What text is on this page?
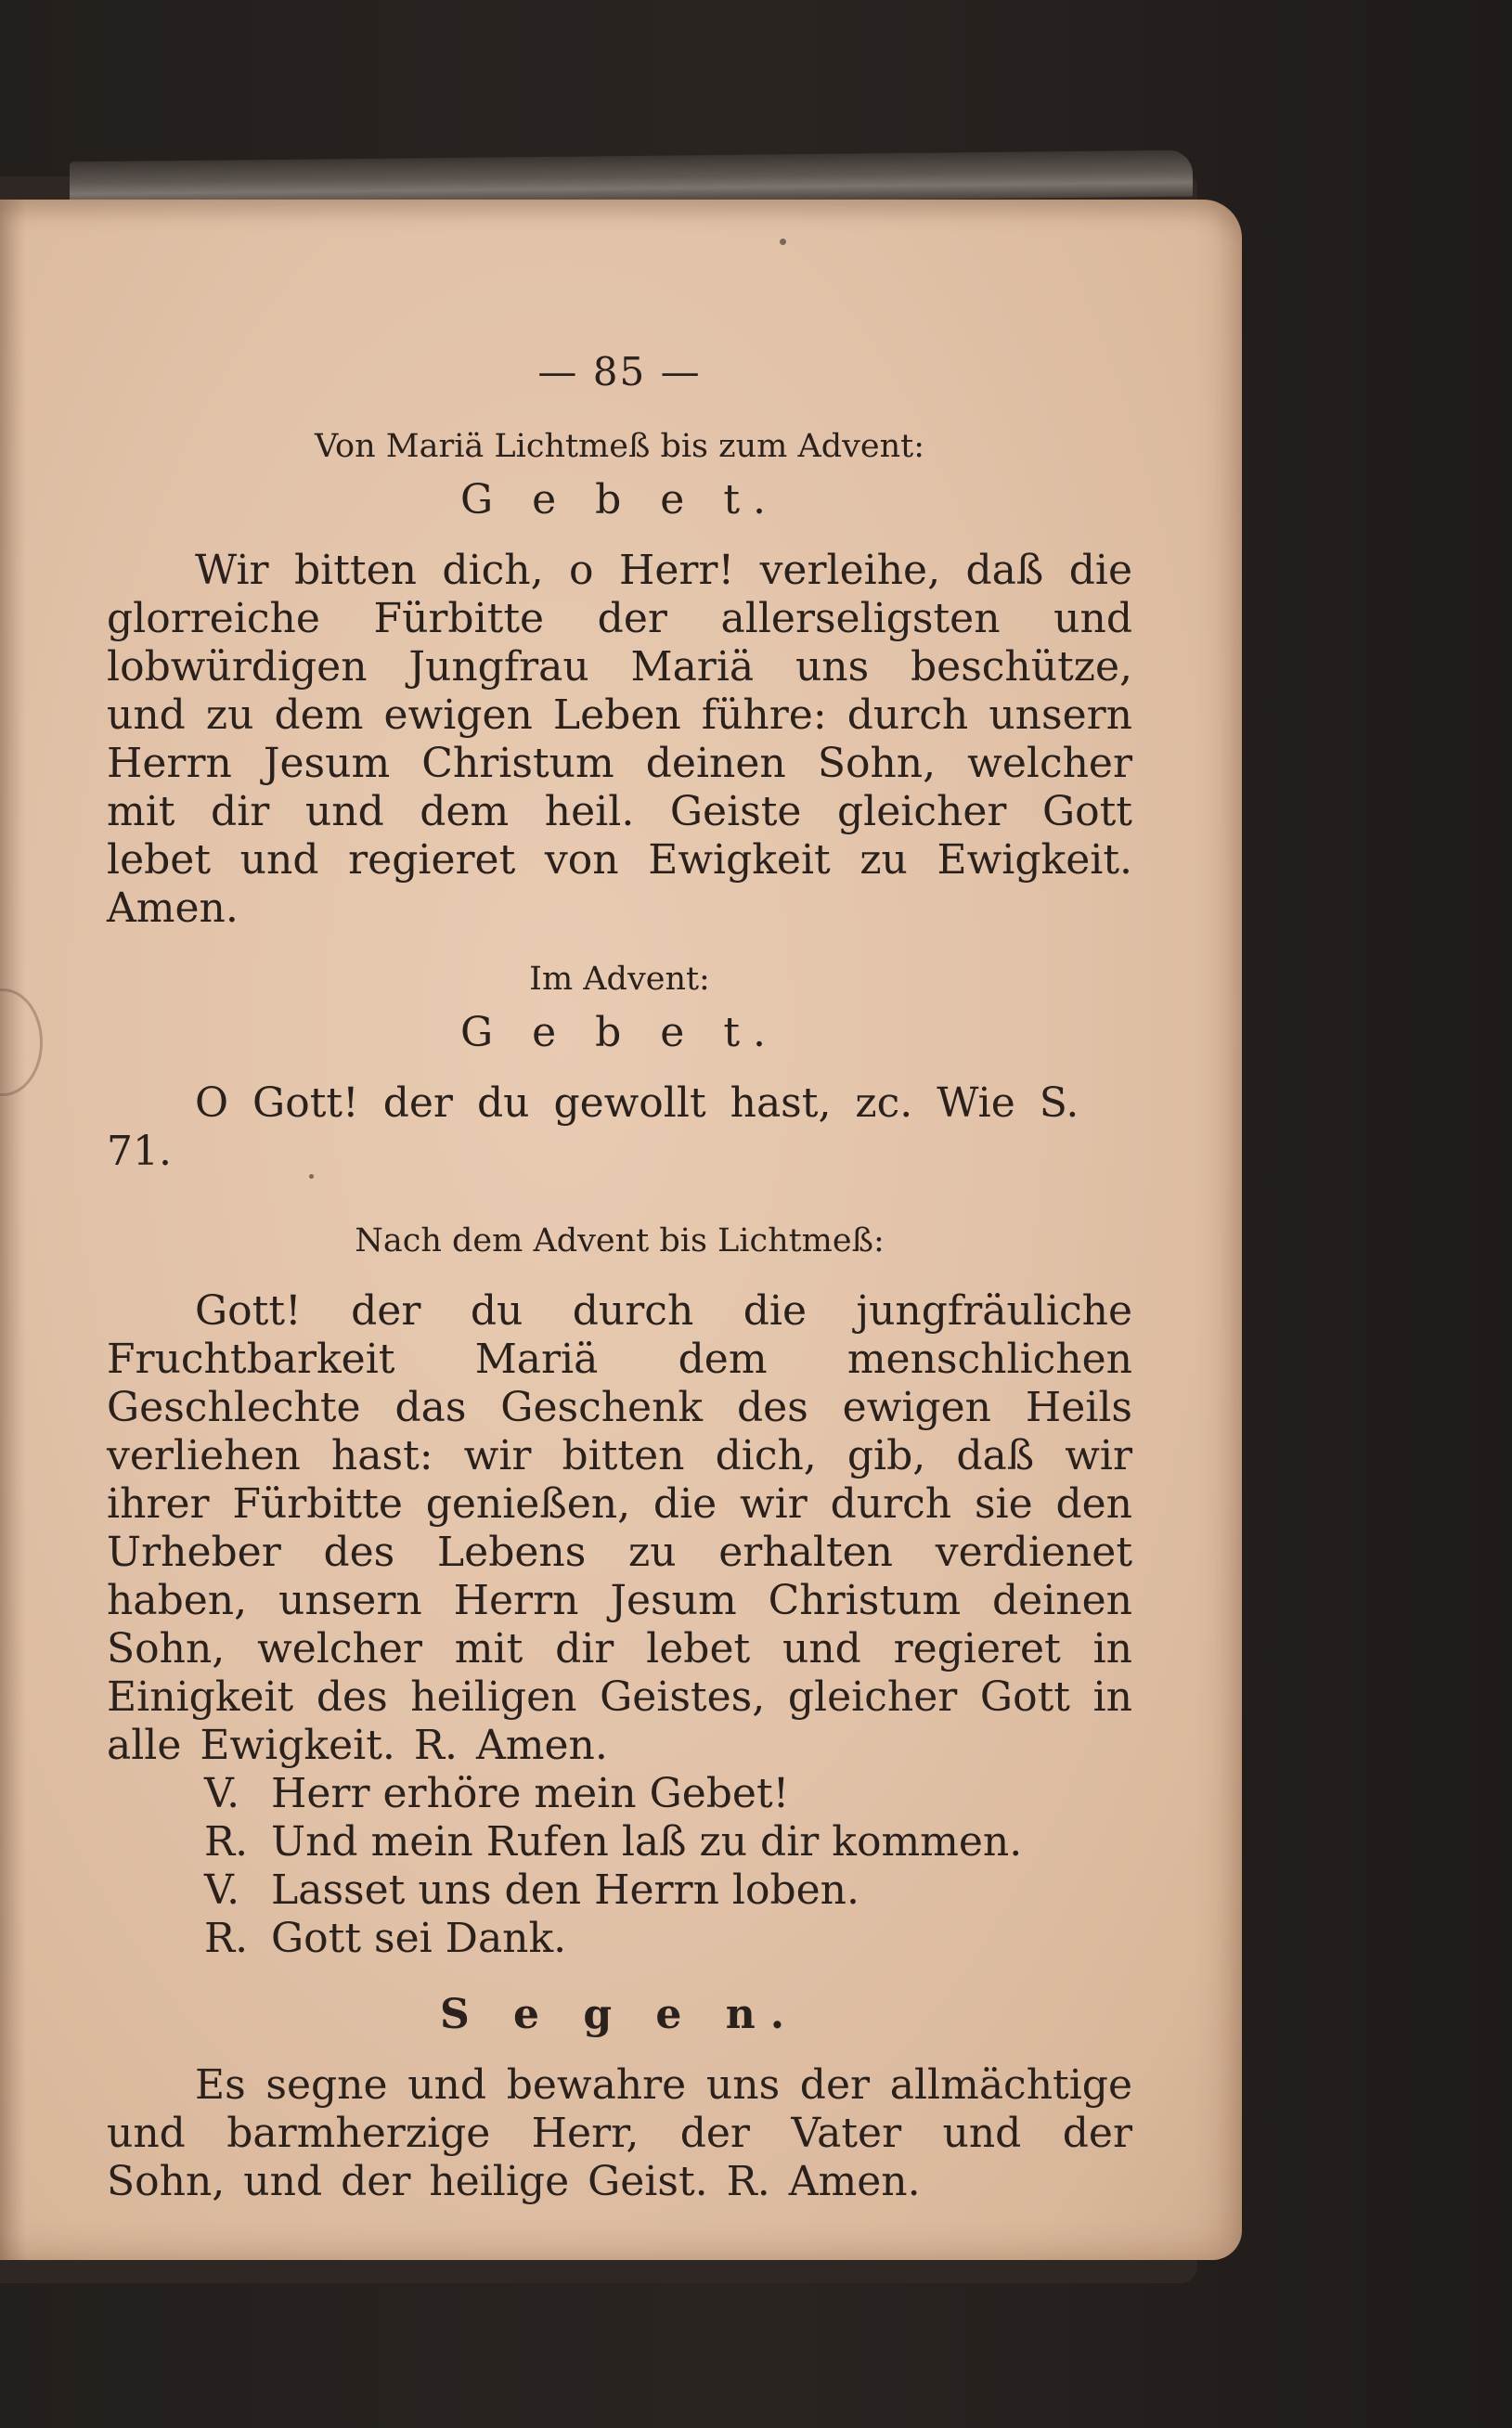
— 85 —
Von Mariä Lichtmeß bis zum Advent:
G e b e t.

Wir bitten dich, o Herr! verleihe, daß die glorreiche Fürbitte der allerseligsten und lobwürdigen Jungfrau Mariä uns beschütze, und zu dem ewigen Leben führe: durch unsern Herrn Jesum Christum deinen Sohn, welcher mit dir und dem heil. Geiste gleicher Gott lebet und regieret von Ewigkeit zu Ewigkeit. Amen.

Im Advent:
G e b e t.
O Gott! der du gewollt hast, zc. Wie S. 71.
Nach dem Advent bis Lichtmeß:

Gott! der du durch die jungfräuliche Fruchtbarkeit Mariä dem menschlichen Geschlechte das Geschenk des ewigen Heils verliehen hast: wir bitten dich, gib, daß wir ihrer Fürbitte genießen, die wir durch sie den Urheber des Lebens zu erhalten verdienet haben, unsern Herrn Jesum Christum deinen Sohn, welcher mit dir lebet und regieret in Einigkeit des heiligen Geistes, gleicher Gott in alle Ewigkeit. R. Amen.

V. Herr erhöre mein Gebet!
R. Und mein Rufen laß zu dir kommen.
V. Lasset uns den Herrn loben.
R. Gott sei Dank.
S e g e n.

Es segne und bewahre uns der allmächtige und barmherzige Herr, der Vater und der Sohn, und der heilige Geist. R. Amen.
